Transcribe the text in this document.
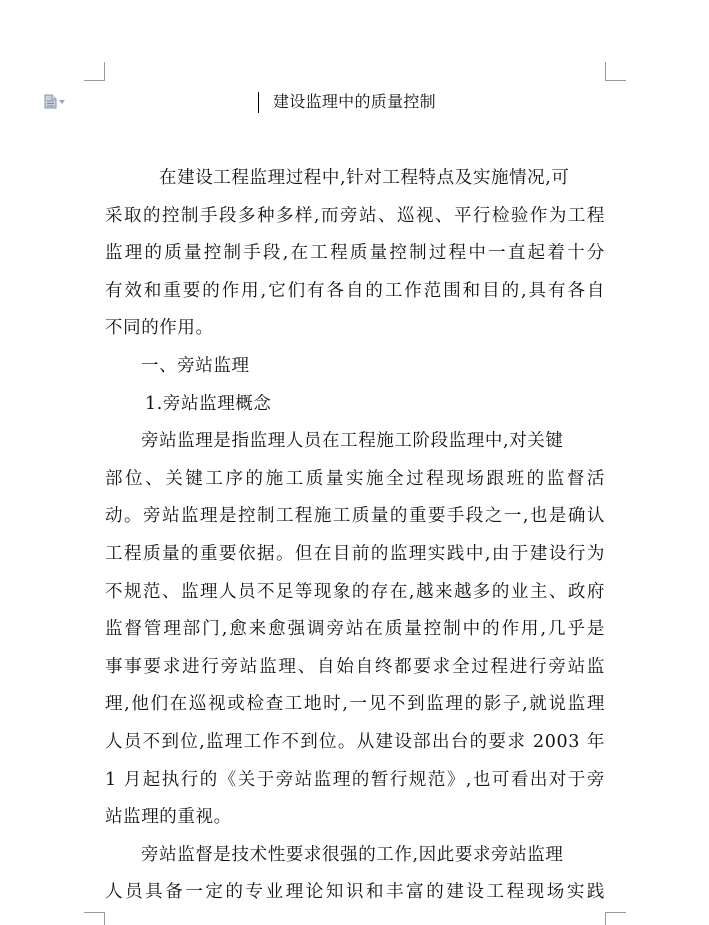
建设监理中的质量控制
在建设工程监理过程中,针对工程特点及实施情况,可
采取的控制手段多种多样,而旁站、巡视、平行检验作为工程
监理的质量控制手段,在工程质量控制过程中一直起着十分
有效和重要的作用,它们有各自的工作范围和目的,具有各自
不同的作用。
一、旁站监理
1.旁站监理概念
旁站监理是指监理人员在工程施工阶段监理中,对关键
部位、关键工序的施工质量实施全过程现场跟班的监督活
动。旁站监理是控制工程施工质量的重要手段之一,也是确认
工程质量的重要依据。但在目前的监理实践中,由于建设行为
不规范、监理人员不足等现象的存在,越来越多的业主、政府
监督管理部门,愈来愈强调旁站在质量控制中的作用,几乎是
事事要求进行旁站监理、自始自终都要求全过程进行旁站监
理,他们在巡视或检查工地时,一见不到监理的影子,就说监理
人员不到位,监理工作不到位。从建设部出台的要求 2003 年
1 月起执行的《关于旁站监理的暂行规范》,也可看出对于旁
站监理的重视。
旁站监督是技术性要求很强的工作,因此要求旁站监理
人员具备一定的专业理论知识和丰富的建设工程现场实践
